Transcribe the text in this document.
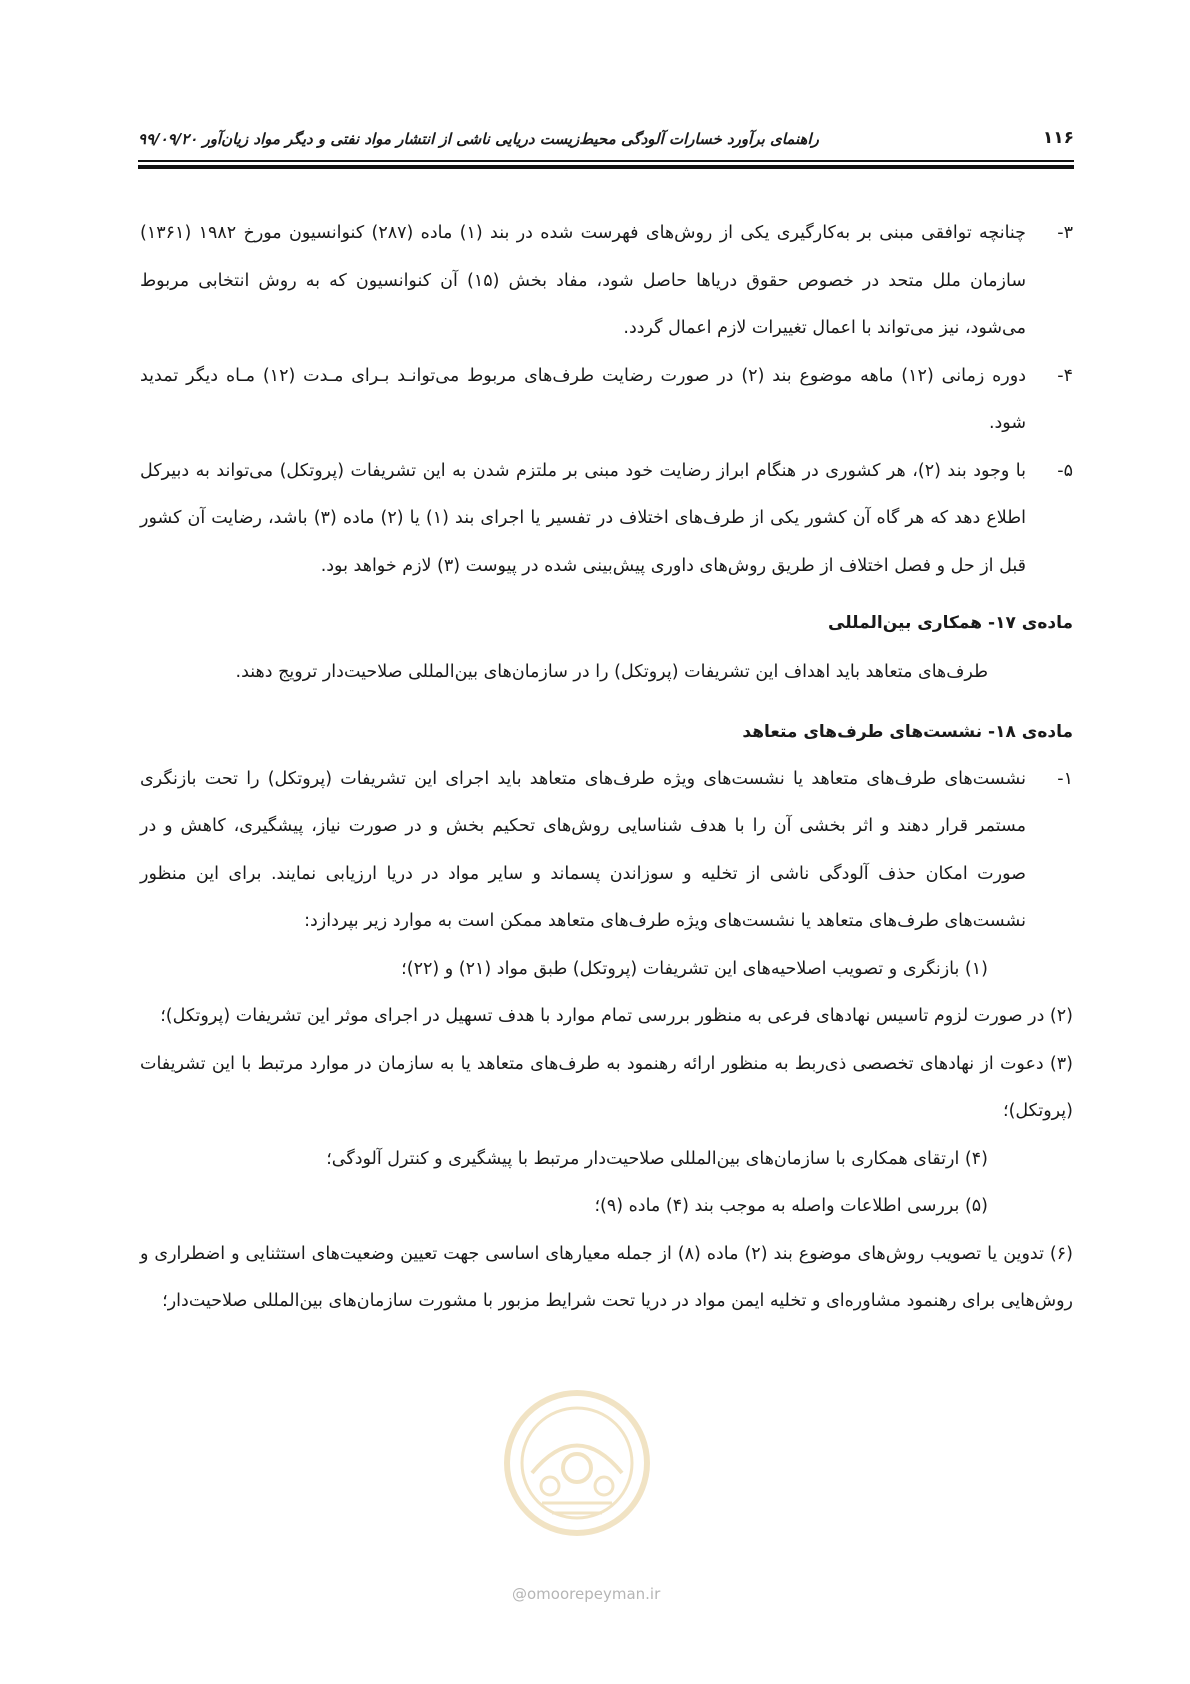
۱۱۶
راهنمای برآورد خسارات آلودگی محیط‌زیست دریایی ناشی از انتشار مواد نفتی و دیگر مواد زیان‌آور ۹۹/۰۹/۲۰

۳-
چنانچه توافقی مبنی بر به‌کارگیری یکی از روش‌های فهرست شده در بند (۱) ماده (۲۸۷) کنوانسیون مورخ ۱۹۸۲ (۱۳۶۱) سازمان ملل متحد در خصوص حقوق دریاها حاصل شود، مفاد بخش (۱۵) آن کنوانسیون که به روش انتخابی مربوط می‌شود، نیز می‌تواند با اعمال تغییرات لازم اعمال گردد.

۴-
دوره زمانی (۱۲) ماهه موضوع بند (۲) در صورت رضایت طرف‌های مربوط می‌توانـد بـرای مـدت (۱۲) مـاه دیگر تمدید شود.

۵-
با وجود بند (۲)، هر کشوری در هنگام ابراز رضایت خود مبنی بر ملتزم شدن به این تشریفات (پروتکل) می‌تواند به دبیرکل اطلاع دهد که هر گاه آن کشور یکی از طرف‌های اختلاف در تفسیر یا اجرای بند (۱) یا (۲) ماده (۳) باشد، رضایت آن کشور قبل از حل و فصل اختلاف از طریق روش‌های داوری پیش‌بینی شده در پیوست (۳) لازم خواهد بود.

ماده‌ی ۱۷- همکاری بین‌المللی

طرف‌های متعاهد باید اهداف این تشریفات (پروتکل) را در سازمان‌های بین‌المللی صلاحیت‌دار ترویج دهند.

ماده‌ی ۱۸- نشست‌های طرف‌های متعاهد

۱-
نشست‌های طرف‌های متعاهد یا نشست‌های ویژه طرف‌های متعاهد باید اجرای این تشریفات (پروتکل) را تحت بازنگری مستمر قرار دهند و اثر بخشی آن را با هدف شناسایی روش‌های تحکیم بخش و در صورت نیاز، پیشگیری، کاهش و در صورت امکان حذف آلودگی ناشی از تخلیه و سوزاندن پسماند و سایر مواد در دریا ارزیابی نمایند. برای این منظور نشست‌های طرف‌های متعاهد یا نشست‌های ویژه طرف‌های متعاهد ممکن است به موارد زیر بپردازد:

(۱) بازنگری و تصویب اصلاحیه‌های این تشریفات (پروتکل) طبق مواد (۲۱) و (۲۲)؛

(۲) در صورت لزوم تاسیس نهادهای فرعی به منظور بررسی تمام موارد با هدف تسهیل در اجرای موثر این تشریفات (پروتکل)؛

(۳) دعوت از نهادهای تخصصی ذی‌ربط به منظور ارائه رهنمود به طرف‌های متعاهد یا به سازمان در موارد مرتبط با این تشریفات (پروتکل)؛

(۴) ارتقای همکاری با سازمان‌های بین‌المللی صلاحیت‌دار مرتبط با پیشگیری و کنترل آلودگی؛

(۵) بررسی اطلاعات واصله به موجب بند (۴) ماده (۹)؛

(۶) تدوین یا تصویب روش‌های موضوع بند (۲) ماده (۸) از جمله معیارهای اساسی جهت تعیین وضعیت‌های استثنایی و اضطراری و روش‌هایی برای رهنمود مشاوره‌ای و تخلیه ایمن مواد در دریا تحت شرایط مزبور با مشورت سازمان‌های بین‌المللی صلاحیت‌دار؛

@omoorepeyman.ir
